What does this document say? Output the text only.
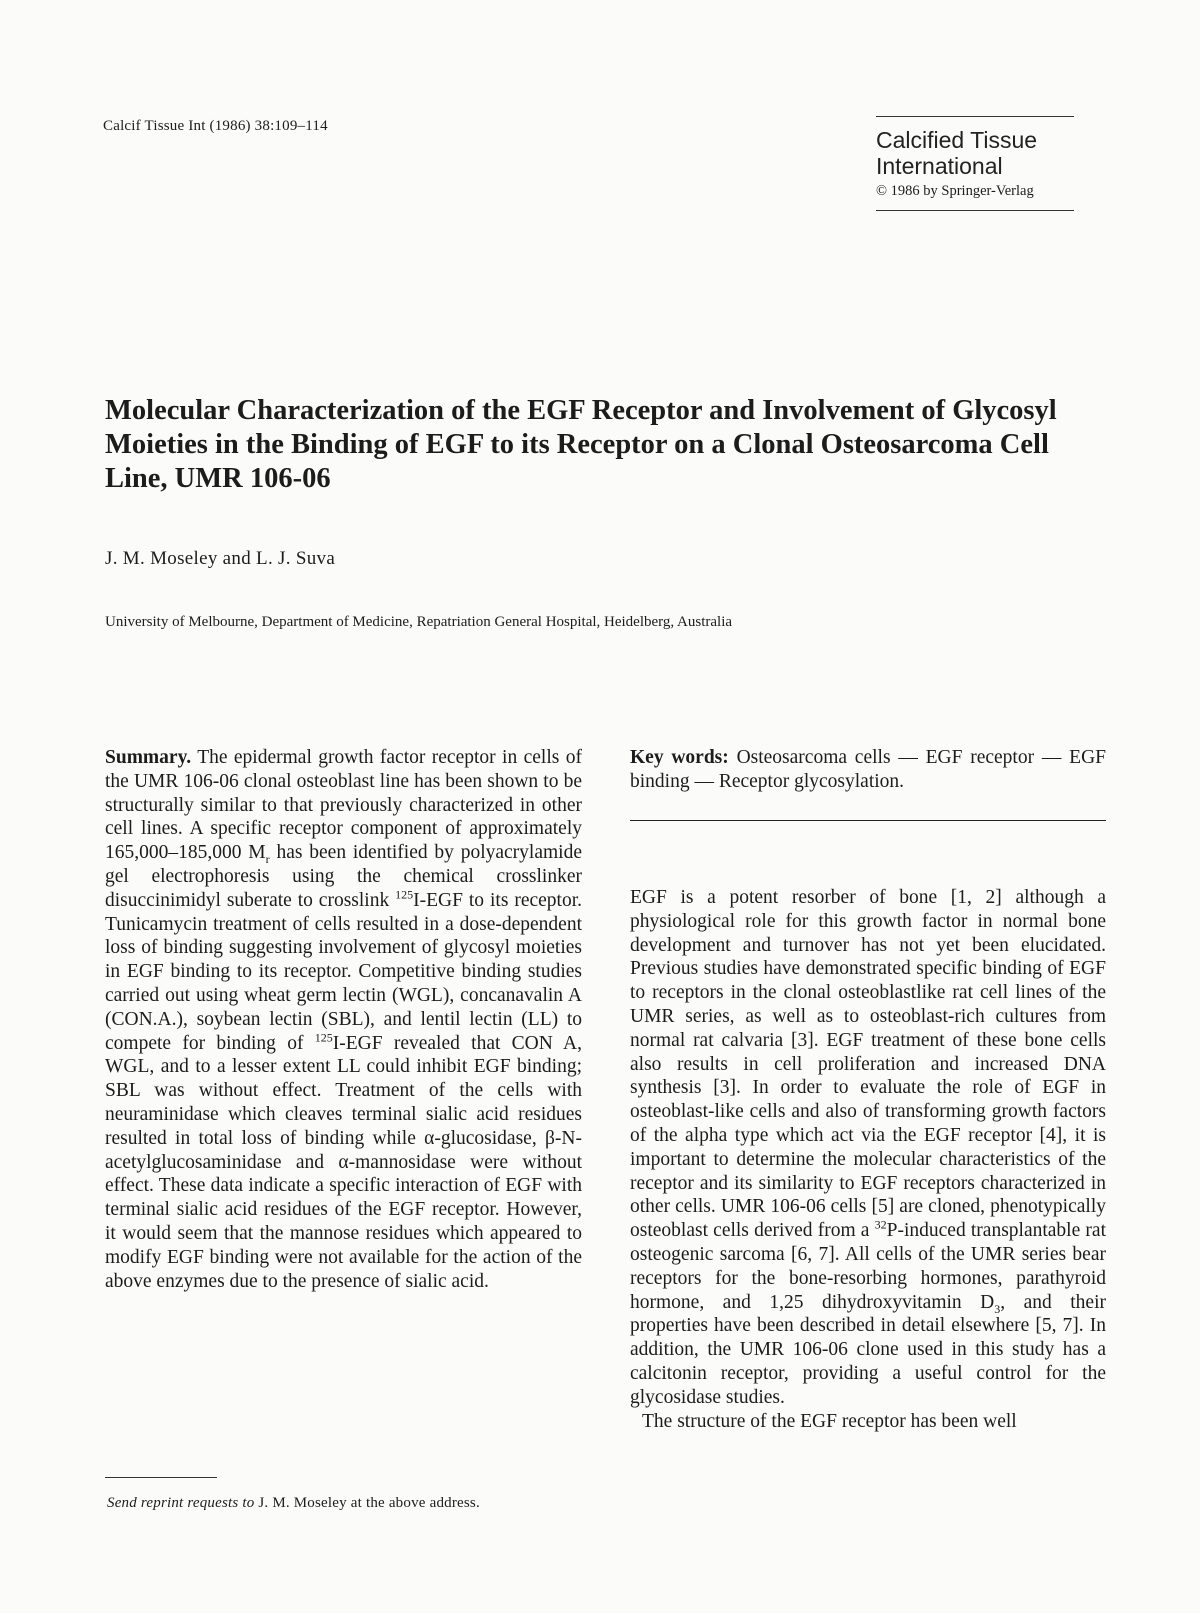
Calcif Tissue Int (1986) 38:109–114
Calcified Tissue
International
© 1986 by Springer-Verlag
Molecular Characterization of the EGF Receptor and Involvement of Glycosyl Moieties in the Binding of EGF to its Receptor on a Clonal Osteosarcoma Cell Line, UMR 106-06
J. M. Moseley and L. J. Suva
University of Melbourne, Department of Medicine, Repatriation General Hospital, Heidelberg, Australia
Summary. The epidermal growth factor receptor in cells of the UMR 106-06 clonal osteoblast line has been shown to be structurally similar to that previously characterized in other cell lines. A specific receptor component of approximately 165,000–185,000 $M_r$ has been identified by polyacrylamide gel electrophoresis using the chemical crosslinker disuccinimidyl suberate to crosslink $^{125}$I-EGF to its receptor. Tunicamycin treatment of cells resulted in a dose-dependent loss of binding suggesting involvement of glycosyl moieties in EGF binding to its receptor. Competitive binding studies carried out using wheat germ lectin (WGL), concanavalin A (CON.A.), soybean lectin (SBL), and lentil lectin (LL) to compete for binding of $^{125}$I-EGF revealed that CON A, WGL, and to a lesser extent LL could inhibit EGF binding; SBL was without effect. Treatment of the cells with neuraminidase which cleaves terminal sialic acid residues resulted in total loss of binding while α-glucosidase, β-N-acetylglucosaminidase and α-mannosidase were without effect. These data indicate a specific interaction of EGF with terminal sialic acid residues of the EGF receptor. However, it would seem that the mannose residues which appeared to modify EGF binding were not available for the action of the above enzymes due to the presence of sialic acid.

Key words: Osteosarcoma cells — EGF receptor — EGF binding — Receptor glycosylation.

EGF is a potent resorber of bone [1, 2] although a physiological role for this growth factor in normal bone development and turnover has not yet been elucidated. Previous studies have demonstrated specific binding of EGF to receptors in the clonal osteoblastlike rat cell lines of the UMR series, as well as to osteoblast-rich cultures from normal rat calvaria [3]. EGF treatment of these bone cells also results in cell proliferation and increased DNA synthesis [3]. In order to evaluate the role of EGF in osteoblast-like cells and also of transforming growth factors of the alpha type which act via the EGF receptor [4], it is important to determine the molecular characteristics of the receptor and its similarity to EGF receptors characterized in other cells. UMR 106-06 cells [5] are cloned, phenotypically osteoblast cells derived from a $^{32}$P-induced transplantable rat osteogenic sarcoma [6, 7]. All cells of the UMR series bear receptors for the bone-resorbing hormones, parathyroid hormone, and 1,25 dihydroxyvitamin $D_3$, and their properties have been described in detail elsewhere [5, 7]. In addition, the UMR 106-06 clone used in this study has a calcitonin receptor, providing a useful control for the glycosidase studies.

The structure of the EGF receptor has been well

Send reprint requests to J. M. Moseley at the above address.
